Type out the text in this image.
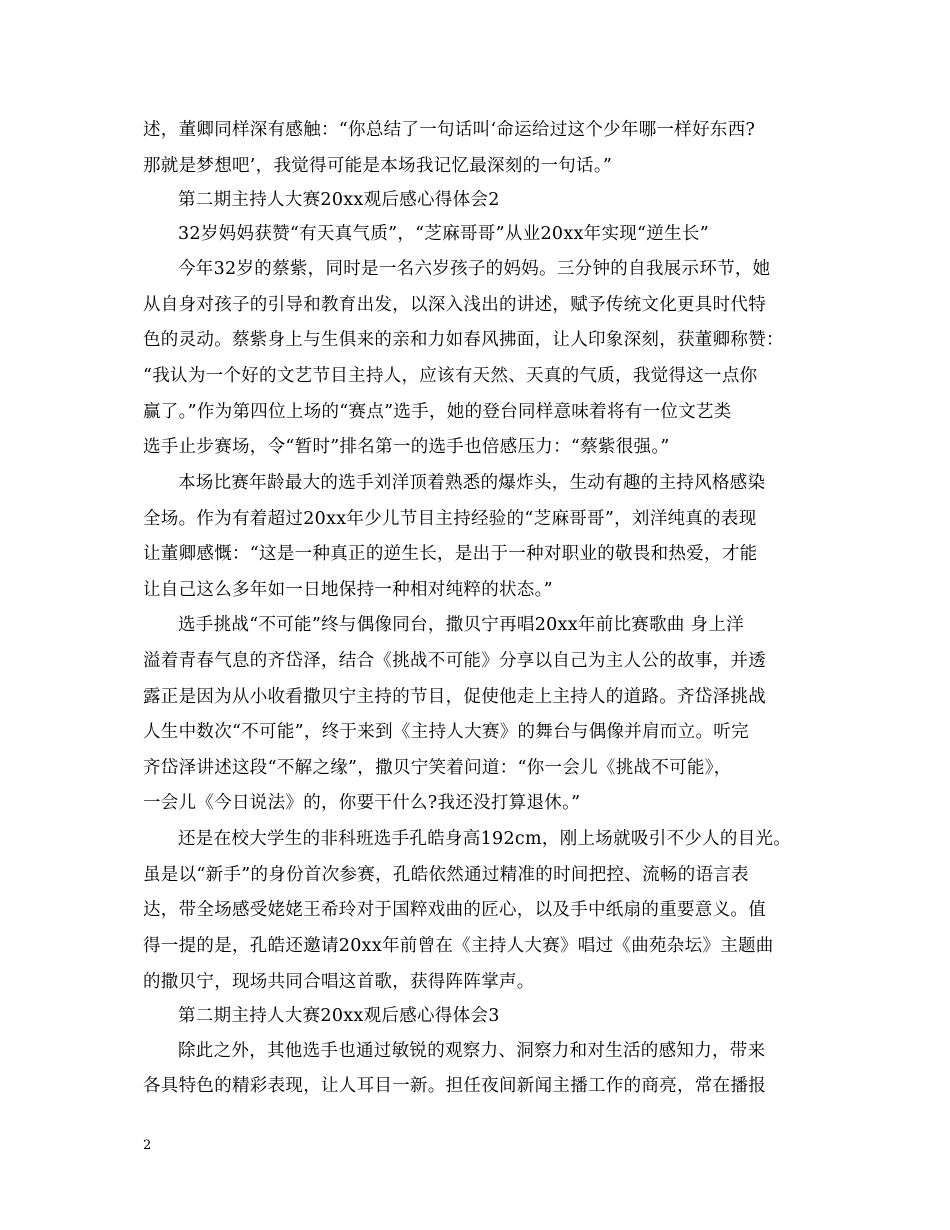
述，董卿同样深有感触：“你总结了一句话叫‘命运给过这个少年哪一样好东西?
那就是梦想吧’，我觉得可能是本场我记忆最深刻的一句话。”
第二期主持人大赛20xx观后感心得体会2
32岁妈妈获赞“有天真气质”，“芝麻哥哥”从业20xx年实现“逆生长”
今年32岁的蔡紫，同时是一名六岁孩子的妈妈。三分钟的自我展示环节，她
从自身对孩子的引导和教育出发，以深入浅出的讲述，赋予传统文化更具时代特
色的灵动。蔡紫身上与生俱来的亲和力如春风拂面，让人印象深刻，获董卿称赞：
“我认为一个好的文艺节目主持人，应该有天然、天真的气质，我觉得这一点你
赢了。”作为第四位上场的“赛点”选手，她的登台同样意味着将有一位文艺类
选手止步赛场，令“暂时”排名第一的选手也倍感压力：“蔡紫很强。”
本场比赛年龄最大的选手刘洋顶着熟悉的爆炸头，生动有趣的主持风格感染
全场。作为有着超过20xx年少儿节目主持经验的“芝麻哥哥”，刘洋纯真的表现
让董卿感慨：“这是一种真正的逆生长，是出于一种对职业的敬畏和热爱，才能
让自己这么多年如一日地保持一种相对纯粹的状态。”
选手挑战“不可能”终与偶像同台，撒贝宁再唱20xx年前比赛歌曲 身上洋
溢着青春气息的齐岱泽，结合《挑战不可能》分享以自己为主人公的故事，并透
露正是因为从小收看撒贝宁主持的节目，促使他走上主持人的道路。齐岱泽挑战
人生中数次“不可能”，终于来到《主持人大赛》的舞台与偶像并肩而立。听完
齐岱泽讲述这段“不解之缘”，撒贝宁笑着问道：“你一会儿《挑战不可能》，
一会儿《今日说法》的，你要干什么?我还没打算退休。”
还是在校大学生的非科班选手孔皓身高192cm，刚上场就吸引不少人的目光。
虽是以“新手”的身份首次参赛，孔皓依然通过精准的时间把控、流畅的语言表
达，带全场感受姥姥王希玲对于国粹戏曲的匠心，以及手中纸扇的重要意义。值
得一提的是，孔皓还邀请20xx年前曾在《主持人大赛》唱过《曲苑杂坛》主题曲
的撒贝宁，现场共同合唱这首歌，获得阵阵掌声。
第二期主持人大赛20xx观后感心得体会3
除此之外，其他选手也通过敏锐的观察力、洞察力和对生活的感知力，带来
各具特色的精彩表现，让人耳目一新。担任夜间新闻主播工作的商亮，常在播报
2
